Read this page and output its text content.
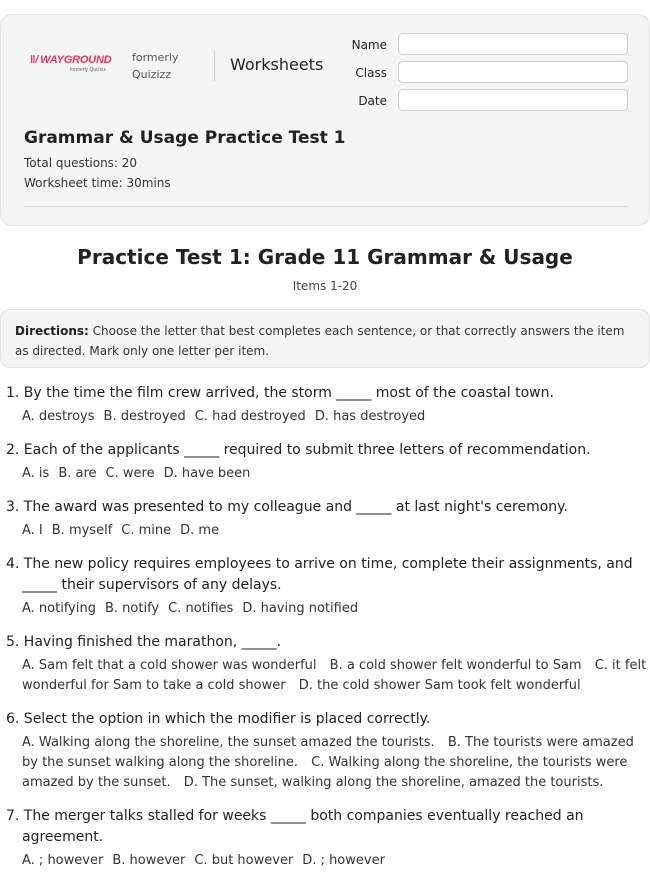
‖/ WAYGROUND
formerly Quizizz
formerly Quizizz
Worksheets
Name
Class
Date
Grammar & Usage Practice Test 1
Total questions: 20
Worksheet time: 30mins
Practice Test 1: Grade 11 Grammar & Usage
Items 1-20
Directions: Choose the letter that best completes each sentence, or that correctly answers the item as directed. Mark only one letter per item.
1. By the time the film crew arrived, the storm _____ most of the coastal town.
A. destroys B. destroyed C. had destroyed D. has destroyed
2. Each of the applicants _____ required to submit three letters of recommendation.
A. is B. are C. were D. have been
3. The award was presented to my colleague and _____ at last night's ceremony.
A. I B. myself C. mine D. me
4. The new policy requires employees to arrive on time, complete their assignments, and _____ their supervisors of any delays.
A. notifying B. notify C. notifies D. having notified
5. Having finished the marathon, _____.
A. Sam felt that a cold shower was wonderful B. a cold shower felt wonderful to Sam C. it felt wonderful for Sam to take a cold shower D. the cold shower Sam took felt wonderful
6. Select the option in which the modifier is placed correctly.
A. Walking along the shoreline, the sunset amazed the tourists. B. The tourists were amazed by the sunset walking along the shoreline. C. Walking along the shoreline, the tourists were amazed by the sunset. D. The sunset, walking along the shoreline, amazed the tourists.
7. The merger talks stalled for weeks _____ both companies eventually reached an agreement.
A. ; however B. however C. but however D. ; however
